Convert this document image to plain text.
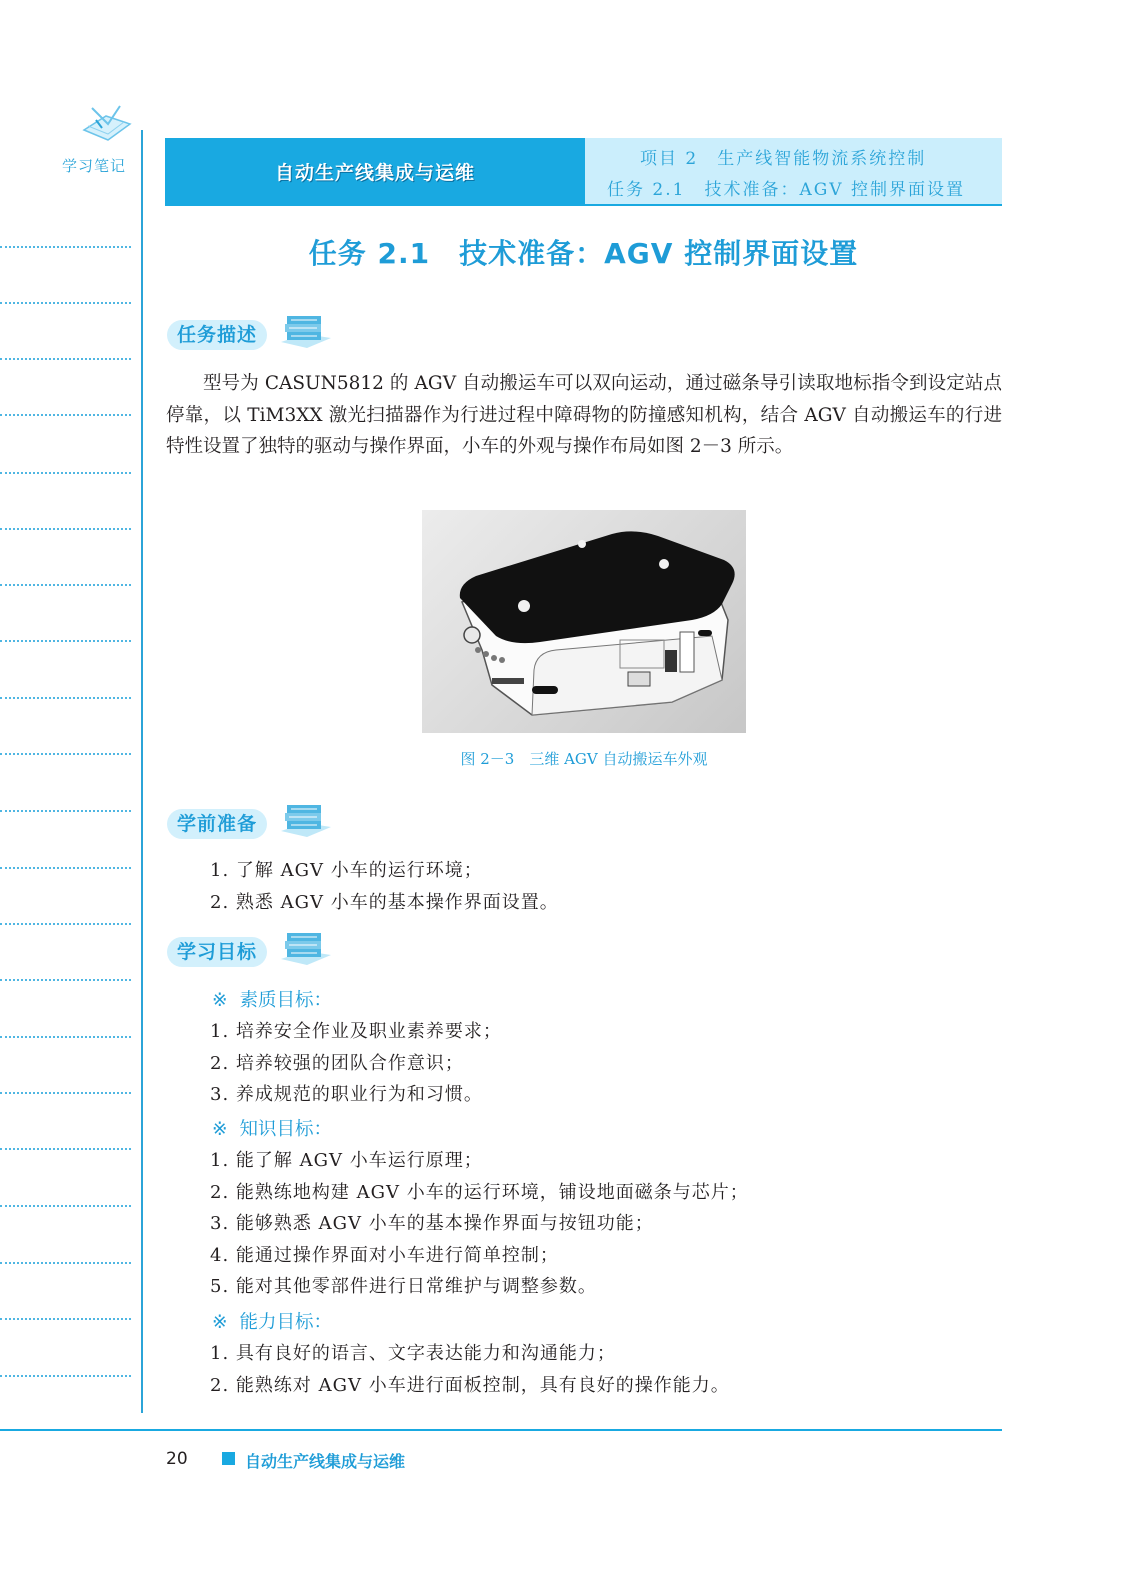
学习笔记	自动生产线集成与运维
项目 2　生产线智能物流系统控制
任务 2.1　技术准备：AGV 控制界面设置
任务 2.1　技术准备：AGV 控制界面设置
任务描述

型号为 CASUN5812 的 AGV 自动搬运车可以双向运动，通过磁条导引读取地标指令到设定站点停靠，以 TiM3XX 激光扫描器作为行进过程中障碍物的防撞感知机构，结合 AGV 自动搬运车的行进特性设置了独特的驱动与操作界面，小车的外观与操作布局如图 2－3 所示。

图 2－3　三维 AGV 自动搬运车外观
学前准备
1. 了解 AGV 小车的运行环境；
2. 熟悉 AGV 小车的基本操作界面设置。
学习目标
※ 素质目标：
1. 培养安全作业及职业素养要求；
2. 培养较强的团队合作意识；
3. 养成规范的职业行为和习惯。
※ 知识目标：
1. 能了解 AGV 小车运行原理；
2. 能熟练地构建 AGV 小车的运行环境，铺设地面磁条与芯片；
3. 能够熟悉 AGV 小车的基本操作界面与按钮功能；
4. 能通过操作界面对小车进行简单控制；
5. 能对其他零部件进行日常维护与调整参数。
※ 能力目标：
1. 具有良好的语言、文字表达能力和沟通能力；
2. 能熟练对 AGV 小车进行面板控制，具有良好的操作能力。
20	自动生产线集成与运维
